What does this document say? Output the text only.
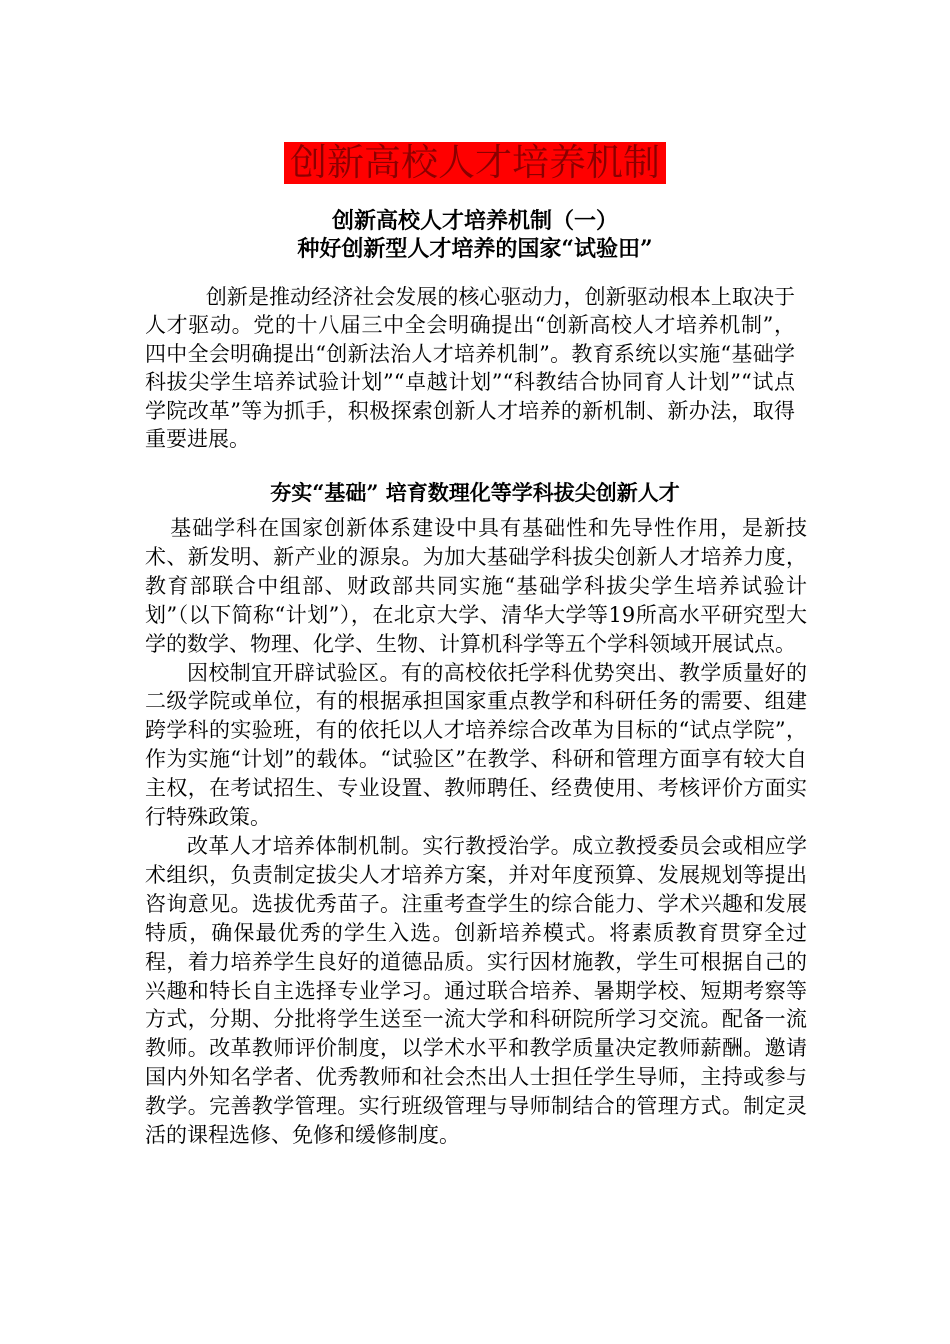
创新高校人才培养机制
创新高校人才培养机制（一）
种好创新型人才培养的国家“试验田”
创新是推动经济社会发展的核心驱动力，创新驱动根本上取决于人才驱动。党的十八届三中全会明确提出“创新高校人才培养机制”，四中全会明确提出“创新法治人才培养机制”。教育系统以实施“基础学科拔尖学生培养试验计划”“卓越计划”“科教结合协同育人计划”“试点学院改革”等为抓手，积极探索创新人才培养的新机制、新办法，取得重要进展。
夯实“基础” 培育数理化等学科拔尖创新人才

基础学科在国家创新体系建设中具有基础性和先导性作用，是新技术、新发明、新产业的源泉。为加大基础学科拔尖创新人才培养力度，教育部联合中组部、财政部共同实施“基础学科拔尖学生培养试验计划”（以下简称“计划”），在北京大学、清华大学等19所高水平研究型大学的数学、物理、化学、生物、计算机科学等五个学科领域开展试点。

因校制宜开辟试验区。有的高校依托学科优势突出、教学质量好的二级学院或单位，有的根据承担国家重点教学和科研任务的需要、组建跨学科的实验班，有的依托以人才培养综合改革为目标的“试点学院”，作为实施“计划”的载体。“试验区”在教学、科研和管理方面享有较大自主权，在考试招生、专业设置、教师聘任、经费使用、考核评价方面实行特殊政策。

改革人才培养体制机制。实行教授治学。成立教授委员会或相应学术组织，负责制定拔尖人才培养方案，并对年度预算、发展规划等提出咨询意见。选拔优秀苗子。注重考查学生的综合能力、学术兴趣和发展特质，确保最优秀的学生入选。创新培养模式。将素质教育贯穿全过程，着力培养学生良好的道德品质。实行因材施教，学生可根据自己的兴趣和特长自主选择专业学习。通过联合培养、暑期学校、短期考察等方式，分期、分批将学生送至一流大学和科研院所学习交流。配备一流教师。改革教师评价制度，以学术水平和教学质量决定教师薪酬。邀请国内外知名学者、优秀教师和社会杰出人士担任学生导师，主持或参与教学。完善教学管理。实行班级管理与导师制结合的管理方式。制定灵活的课程选修、免修和缓修制度。
